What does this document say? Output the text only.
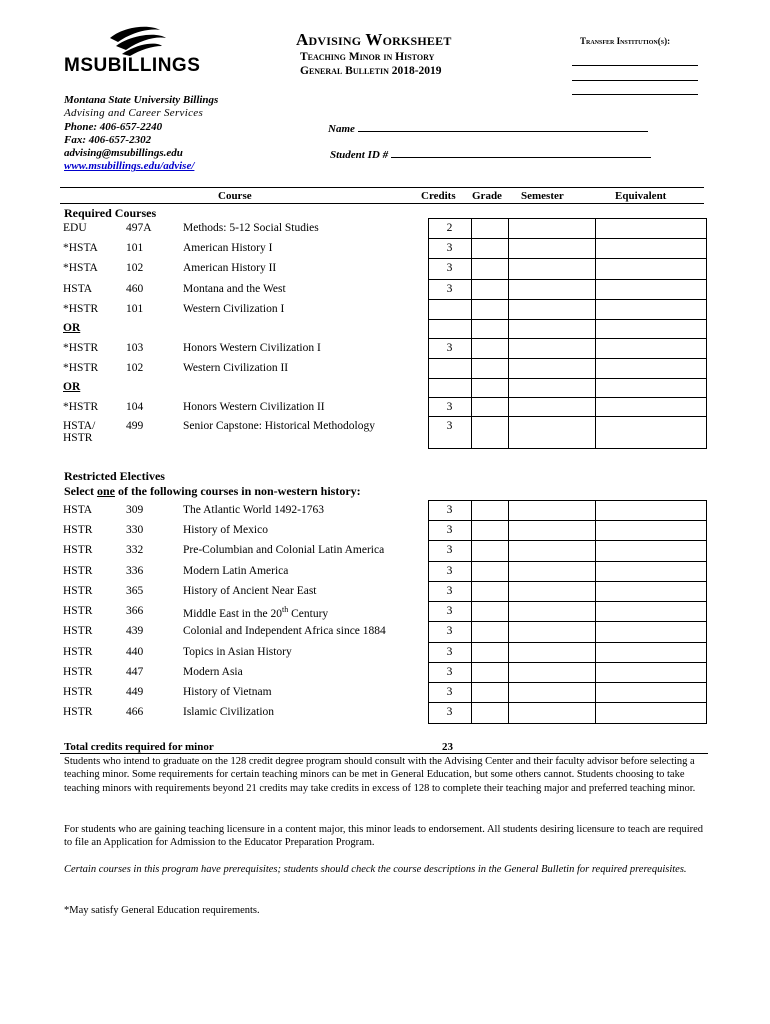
MSUBILLINGS
Advising Worksheet
Teaching Minor in History
General Bulletin 2018-2019
Transfer Institution(s):
Montana State University Billings
Advising and Career Services
Phone: 406-657-2240
Fax: 406-657-2302
advising@msubillings.edu
www.msubillings.edu/advise/
Name
Student ID #
Course	Credits Grade Semester	Equivalent
Required Courses
EDU	497A	Methods: 5-12 Social Studies	2			
*HSTA	101	American History I	3			
*HSTA	102	American History II	3			
HSTA	460	Montana and the West	3			
*HSTR	101	Western Civilization I				
OR						
*HSTR	103	Honors Western Civilization I	3			
*HSTR	102	Western Civilization II				
OR						
*HSTR	104	Honors Western Civilization II	3			
HSTA/
HSTR	499	Senior Capstone: Historical Methodology	3			
Restricted Electives
Select one of the following courses in non-western history:
HSTA	309	The Atlantic World 1492-1763	3			
HSTR	330	History of Mexico	3			
HSTR	332	Pre-Columbian and Colonial Latin America	3			
HSTR	336	Modern Latin America	3			
HSTR	365	History of Ancient Near East	3			
HSTR	366	Middle East in the 20th Century	3			
HSTR	439	Colonial and Independent Africa since 1884	3			
HSTR	440	Topics in Asian History	3			
HSTR	447	Modern Asia	3			
HSTR	449	History of Vietnam	3			
HSTR	466	Islamic Civilization	3			
Total credits required for minor	23
Students who intend to graduate on the 128 credit degree program should consult with the Advising Center and their faculty advisor before selecting a teaching minor. Some requirements for certain teaching minors can be met in General Education, but some others cannot. Students choosing to take teaching minors with requirements beyond 21 credits may take credits in excess of 128 to complete their teaching major and preferred teaching minor.
For students who are gaining teaching licensure in a content major, this minor leads to endorsement. All students desiring licensure to teach are required to file an Application for Admission to the Educator Preparation Program.
Certain courses in this program have prerequisites; students should check the course descriptions in the General Bulletin for required prerequisites.
*May satisfy General Education requirements.
